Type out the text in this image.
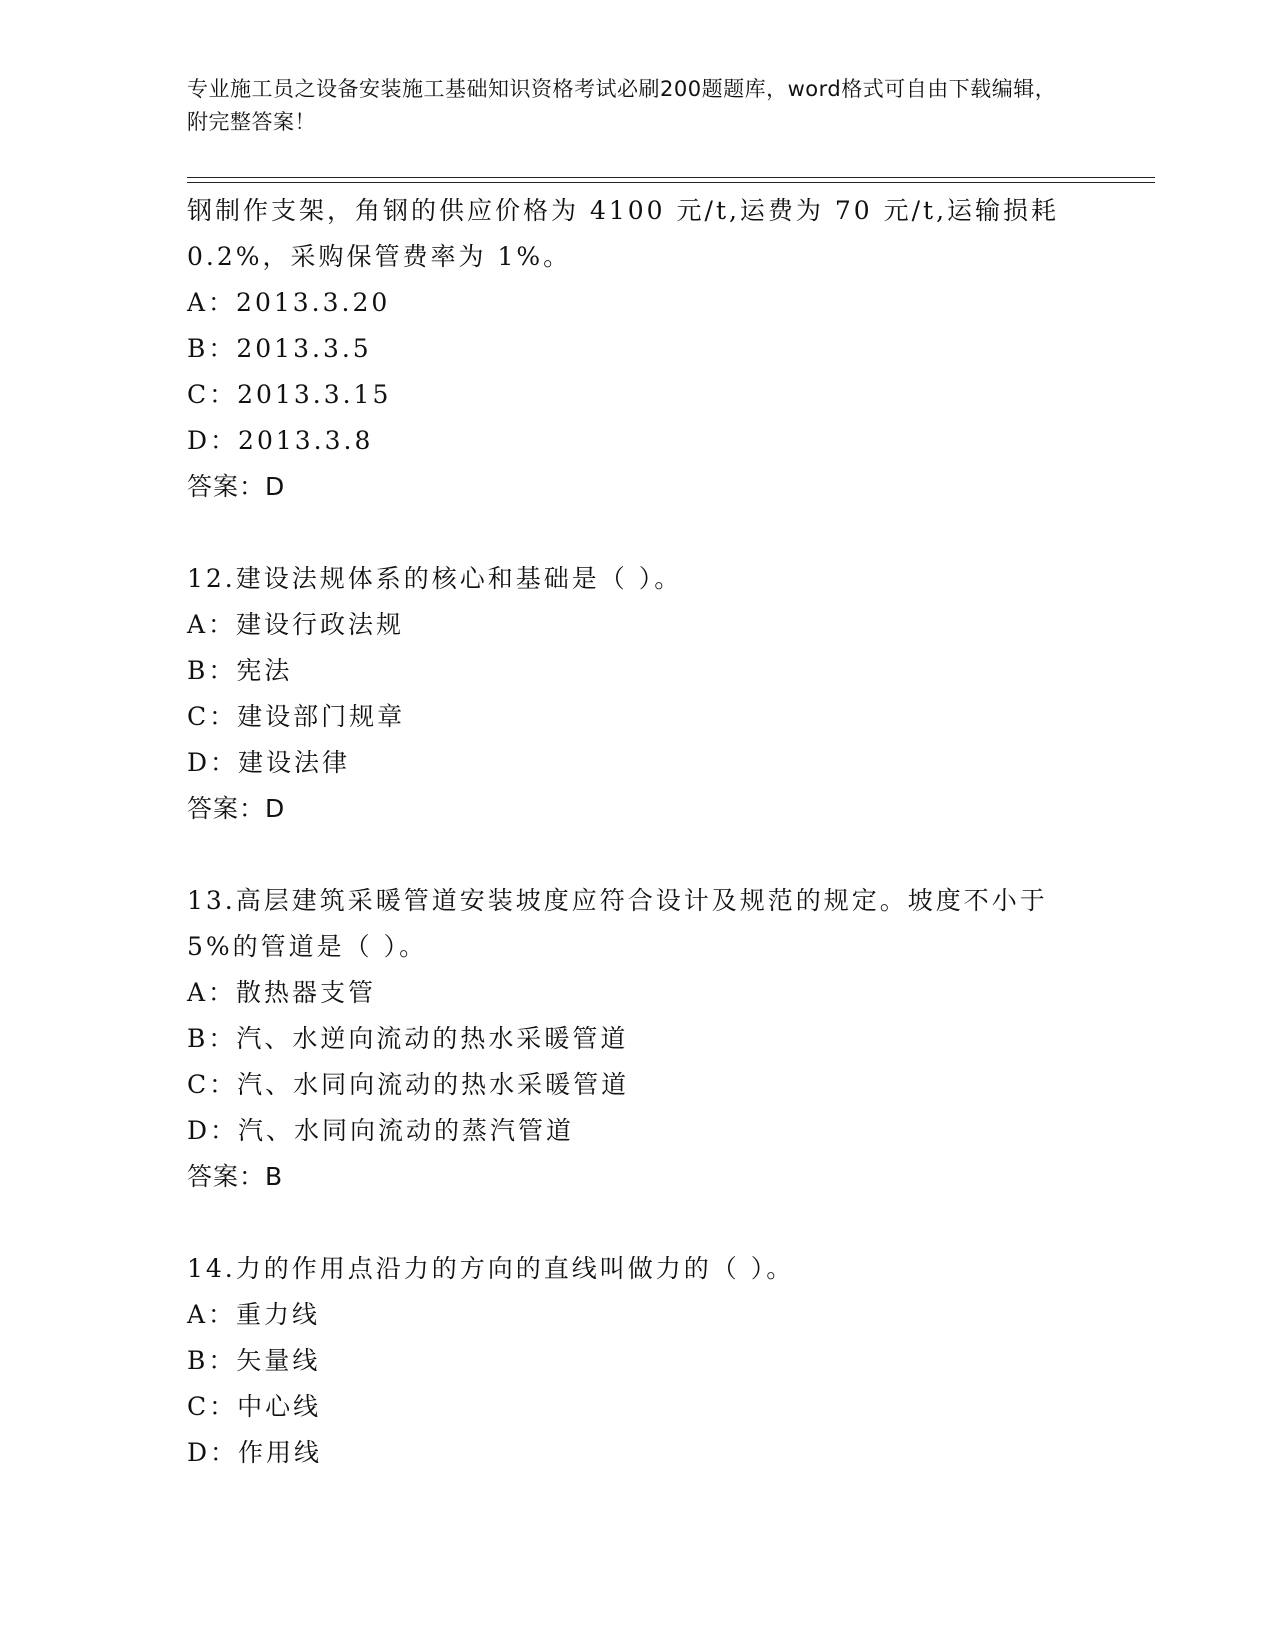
专业施工员之设备安装施工基础知识资格考试必刷200题题库，word格式可自由下载编辑，附完整答案！
钢制作支架，角钢的供应价格为 4100 元/t,运费为 70 元/t,运输损耗
0.2%，采购保管费率为 1%。
A：2013.3.20
B：2013.3.5
C：2013.3.15
D：2013.3.8
答案：D
12.建设法规体系的核心和基础是（ ）。
A：建设行政法规
B：宪法
C：建设部门规章
D：建设法律
答案：D
13.高层建筑采暖管道安装坡度应符合设计及规范的规定。坡度不小于
5%的管道是（ ）。
A：散热器支管
B：汽、水逆向流动的热水采暖管道
C：汽、水同向流动的热水采暖管道
D：汽、水同向流动的蒸汽管道
答案：B
14.力的作用点沿力的方向的直线叫做力的（ ）。
A：重力线
B：矢量线
C：中心线
D：作用线
